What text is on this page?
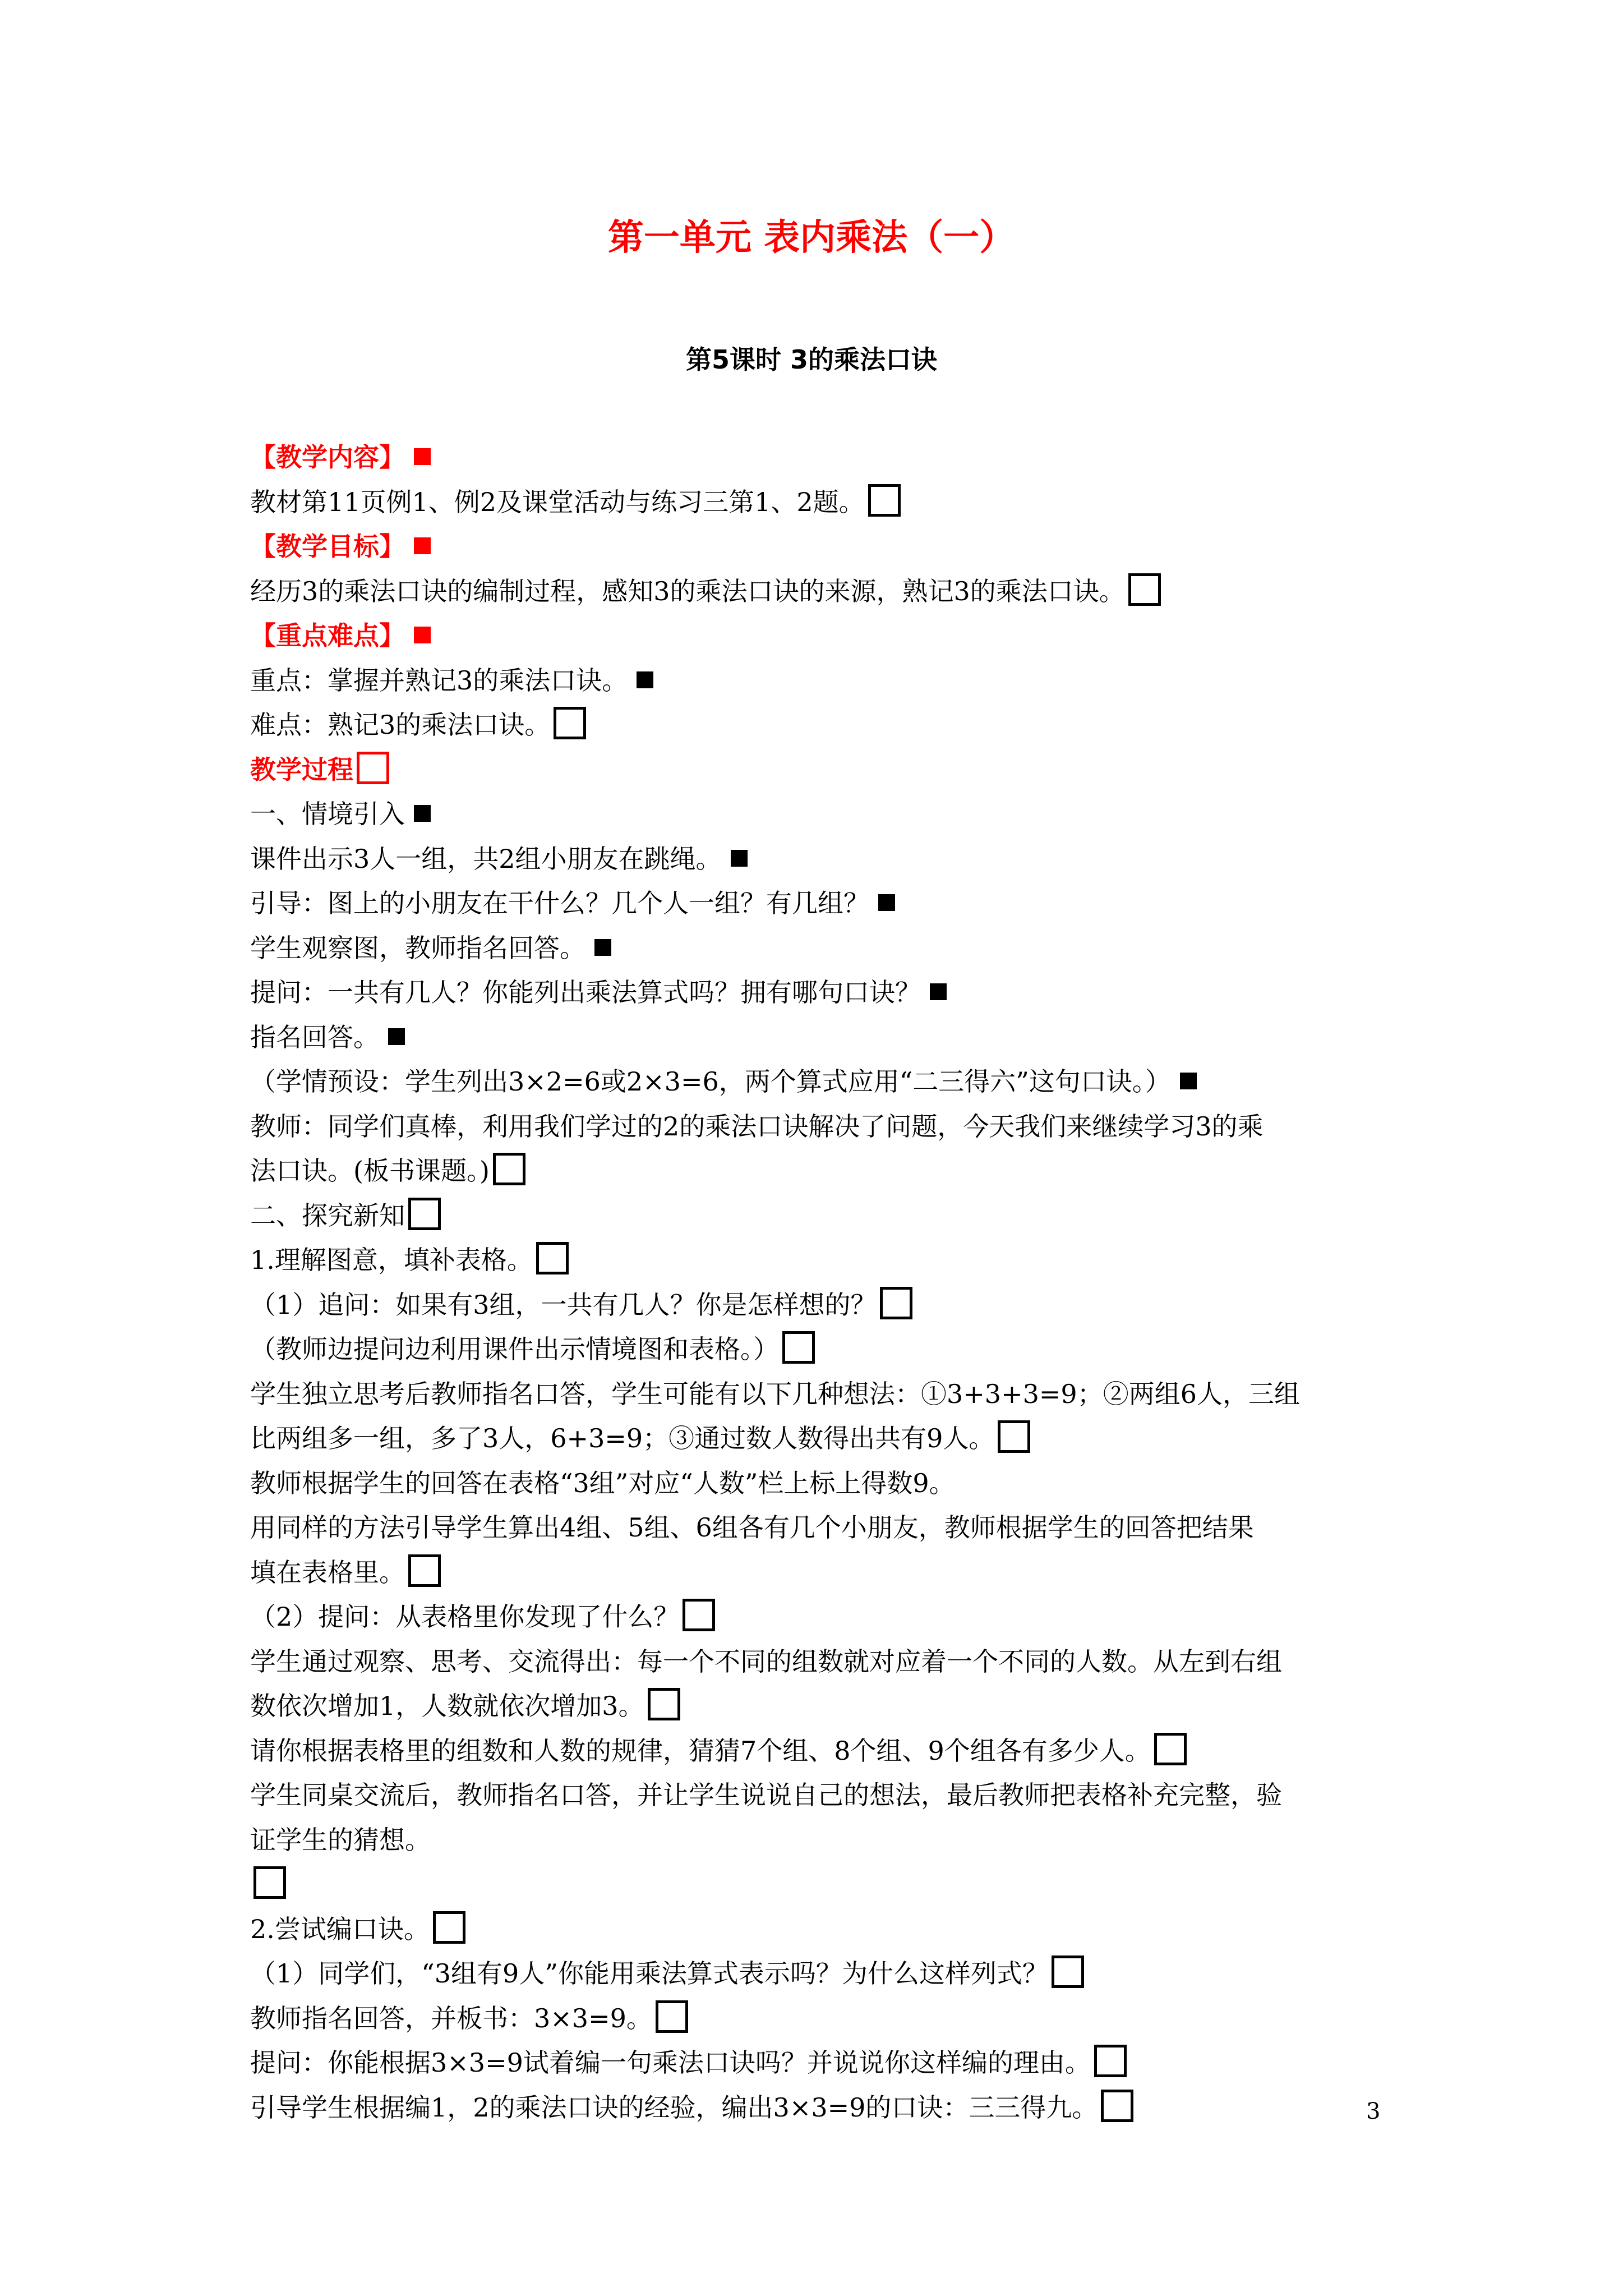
第一单元 表内乘法（一）
第5课时 3的乘法口诀
【教学内容】
教材第11页例1、例2及课堂活动与练习三第1、2题。
【教学目标】
经历3的乘法口诀的编制过程，感知3的乘法口诀的来源，熟记3的乘法口诀。
【重点难点】
重点：掌握并熟记3的乘法口诀。
难点：熟记3的乘法口诀。
教学过程
一、情境引入
课件出示3人一组，共2组小朋友在跳绳。
引导：图上的小朋友在干什么？几个人一组？有几组？
学生观察图，教师指名回答。
提问：一共有几人？你能列出乘法算式吗？拥有哪句口诀？
指名回答。
（学情预设：学生列出3×2=6或2×3=6，两个算式应用“二三得六”这句口诀。）
教师：同学们真棒，利用我们学过的2的乘法口诀解决了问题，今天我们来继续学习3的乘
法口诀。(板书课题。)
二、探究新知
1.理解图意，填补表格。
（1）追问：如果有3组，一共有几人？你是怎样想的？
（教师边提问边利用课件出示情境图和表格。）
学生独立思考后教师指名口答，学生可能有以下几种想法：①3+3+3=9；②两组6人，三组
比两组多一组，多了3人，6+3=9；③通过数人数得出共有9人。
教师根据学生的回答在表格“3组”对应“人数”栏上标上得数9。
用同样的方法引导学生算出4组、5组、6组各有几个小朋友，教师根据学生的回答把结果
填在表格里。
（2）提问：从表格里你发现了什么？
学生通过观察、思考、交流得出：每一个不同的组数就对应着一个不同的人数。从左到右组
数依次增加1，人数就依次增加3。
请你根据表格里的组数和人数的规律，猜猜7个组、8个组、9个组各有多少人。
学生同桌交流后，教师指名口答，并让学生说说自己的想法，最后教师把表格补充完整，验
证学生的猜想。
2.尝试编口诀。
（1）同学们，“3组有9人”你能用乘法算式表示吗？为什么这样列式？
教师指名回答，并板书：3×3=9。
提问：你能根据3×3=9试着编一句乘法口诀吗？并说说你这样编的理由。
引导学生根据编1，2的乘法口诀的经验，编出3×3=9的口诀：三三得九。	3
